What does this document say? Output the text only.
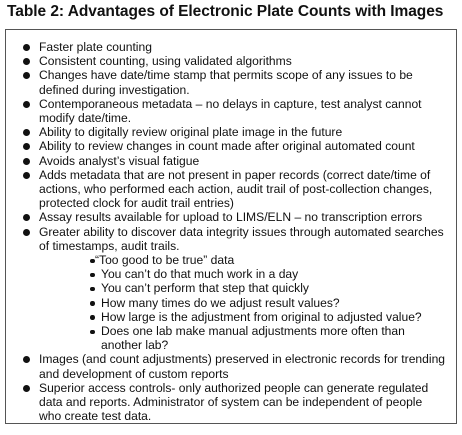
Table 2: Advantages of Electronic Plate Counts with Images
Faster plate counting
Consistent counting, using validated algorithms
Changes have date/time stamp that permits scope of any issues to be defined during investigation.
Contemporaneous metadata – no delays in capture, test analyst cannot modify date/time.
Ability to digitally review original plate image in the future
Ability to review changes in count made after original automated count
Avoids analyst’s visual fatigue
Adds metadata that are not present in paper records (correct date/time of actions, who performed each action, audit trail of post-collection changes, protected clock for audit trail entries)
Assay results available for upload to LIMS/ELN – no transcription errors
Greater ability to discover data integrity issues through automated searches of timestamps, audit trails.
“Too good to be true” data
You can’t do that much work in a day
You can’t perform that step that quickly
How many times do we adjust result values?
How large is the adjustment from original to adjusted value?
Does one lab make manual adjustments more often than another lab?
Images (and count adjustments) preserved in electronic records for trending and development of custom reports
Superior access controls- only authorized people can generate regulated data and reports. Administrator of system can be independent of people who create test data.
